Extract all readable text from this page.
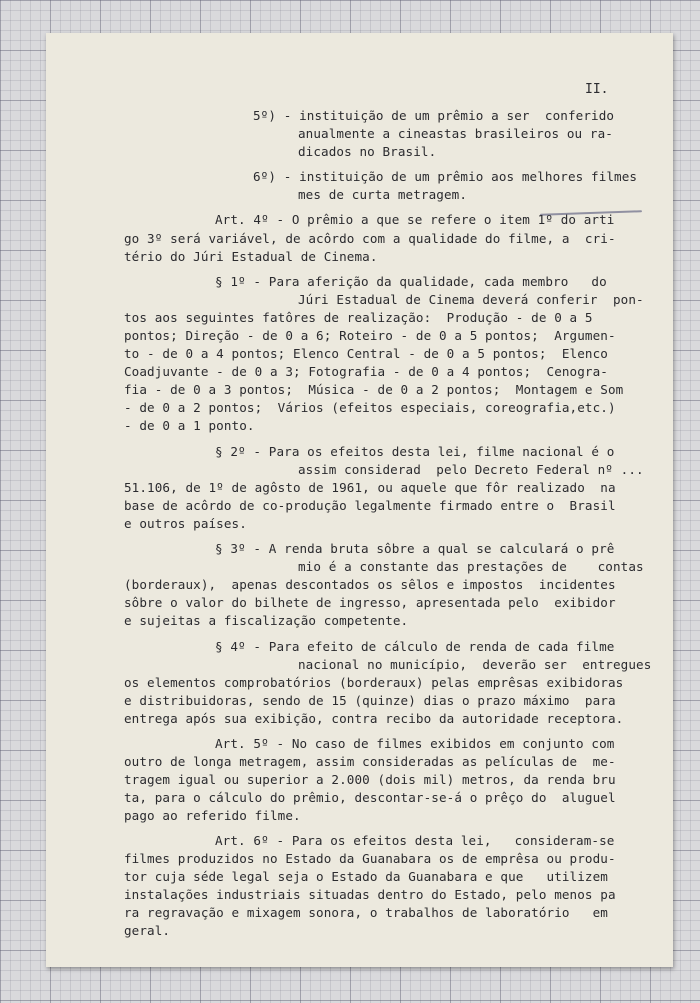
II.

5º) - instituição de um prêmio a ser  conferido

anualmente a cineastas brasileiros ou ra-

dicados no Brasil.

6º) - instituição de um prêmio aos melhores filmes

mes de curta metragem.

Art. 4º - O prêmio a que se refere o item 1º do arti

go 3º será variável, de acôrdo com a qualidade do filme, a  cri-

tério do Júri Estadual de Cinema.

§ 1º - Para aferição da qualidade, cada membro   do

Júri Estadual de Cinema deverá conferir  pon-

tos aos seguintes fatôres de realização:  Produção - de 0 a 5

pontos; Direção - de 0 a 6; Roteiro - de 0 a 5 pontos;  Argumen-

to - de 0 a 4 pontos; Elenco Central - de 0 a 5 pontos;  Elenco

Coadjuvante - de 0 a 3; Fotografia - de 0 a 4 pontos;  Cenogra-

fia - de 0 a 3 pontos;  Música - de 0 a 2 pontos;  Montagem e Som

- de 0 a 2 pontos;  Vários (efeitos especiais, coreografia,etc.)

- de 0 a 1 ponto.

§ 2º - Para os efeitos desta lei, filme nacional é o

assim considerad  pelo Decreto Federal nº ...

51.106, de 1º de agôsto de 1961, ou aquele que fôr realizado  na

base de acôrdo de co-produção legalmente firmado entre o  Brasil

e outros países.

§ 3º - A renda bruta sôbre a qual se calculará o prê

mio é a constante das prestações de    contas

(borderaux),  apenas descontados os sêlos e impostos  incidentes

sôbre o valor do bilhete de ingresso, apresentada pelo  exibidor

e sujeitas a fiscalização competente.

§ 4º - Para efeito de cálculo de renda de cada filme

nacional no município,  deverão ser  entregues

os elementos comprobatórios (borderaux) pelas emprêsas exibidoras

e distribuidoras, sendo de 15 (quinze) dias o prazo máximo  para

entrega após sua exibição, contra recibo da autoridade receptora.

Art. 5º - No caso de filmes exibidos em conjunto com

outro de longa metragem, assim consideradas as películas de  me-

tragem igual ou superior a 2.000 (dois mil) metros, da renda bru

ta, para o cálculo do prêmio, descontar-se-á o prêço do  aluguel

pago ao referido filme.

Art. 6º - Para os efeitos desta lei,   consideram-se

filmes produzidos no Estado da Guanabara os de emprêsa ou produ-

tor cuja séde legal seja o Estado da Guanabara e que   utilizem

instalações industriais situadas dentro do Estado, pelo menos pa

ra regravação e mixagem sonora, o trabalhos de laboratório   em

geral.
